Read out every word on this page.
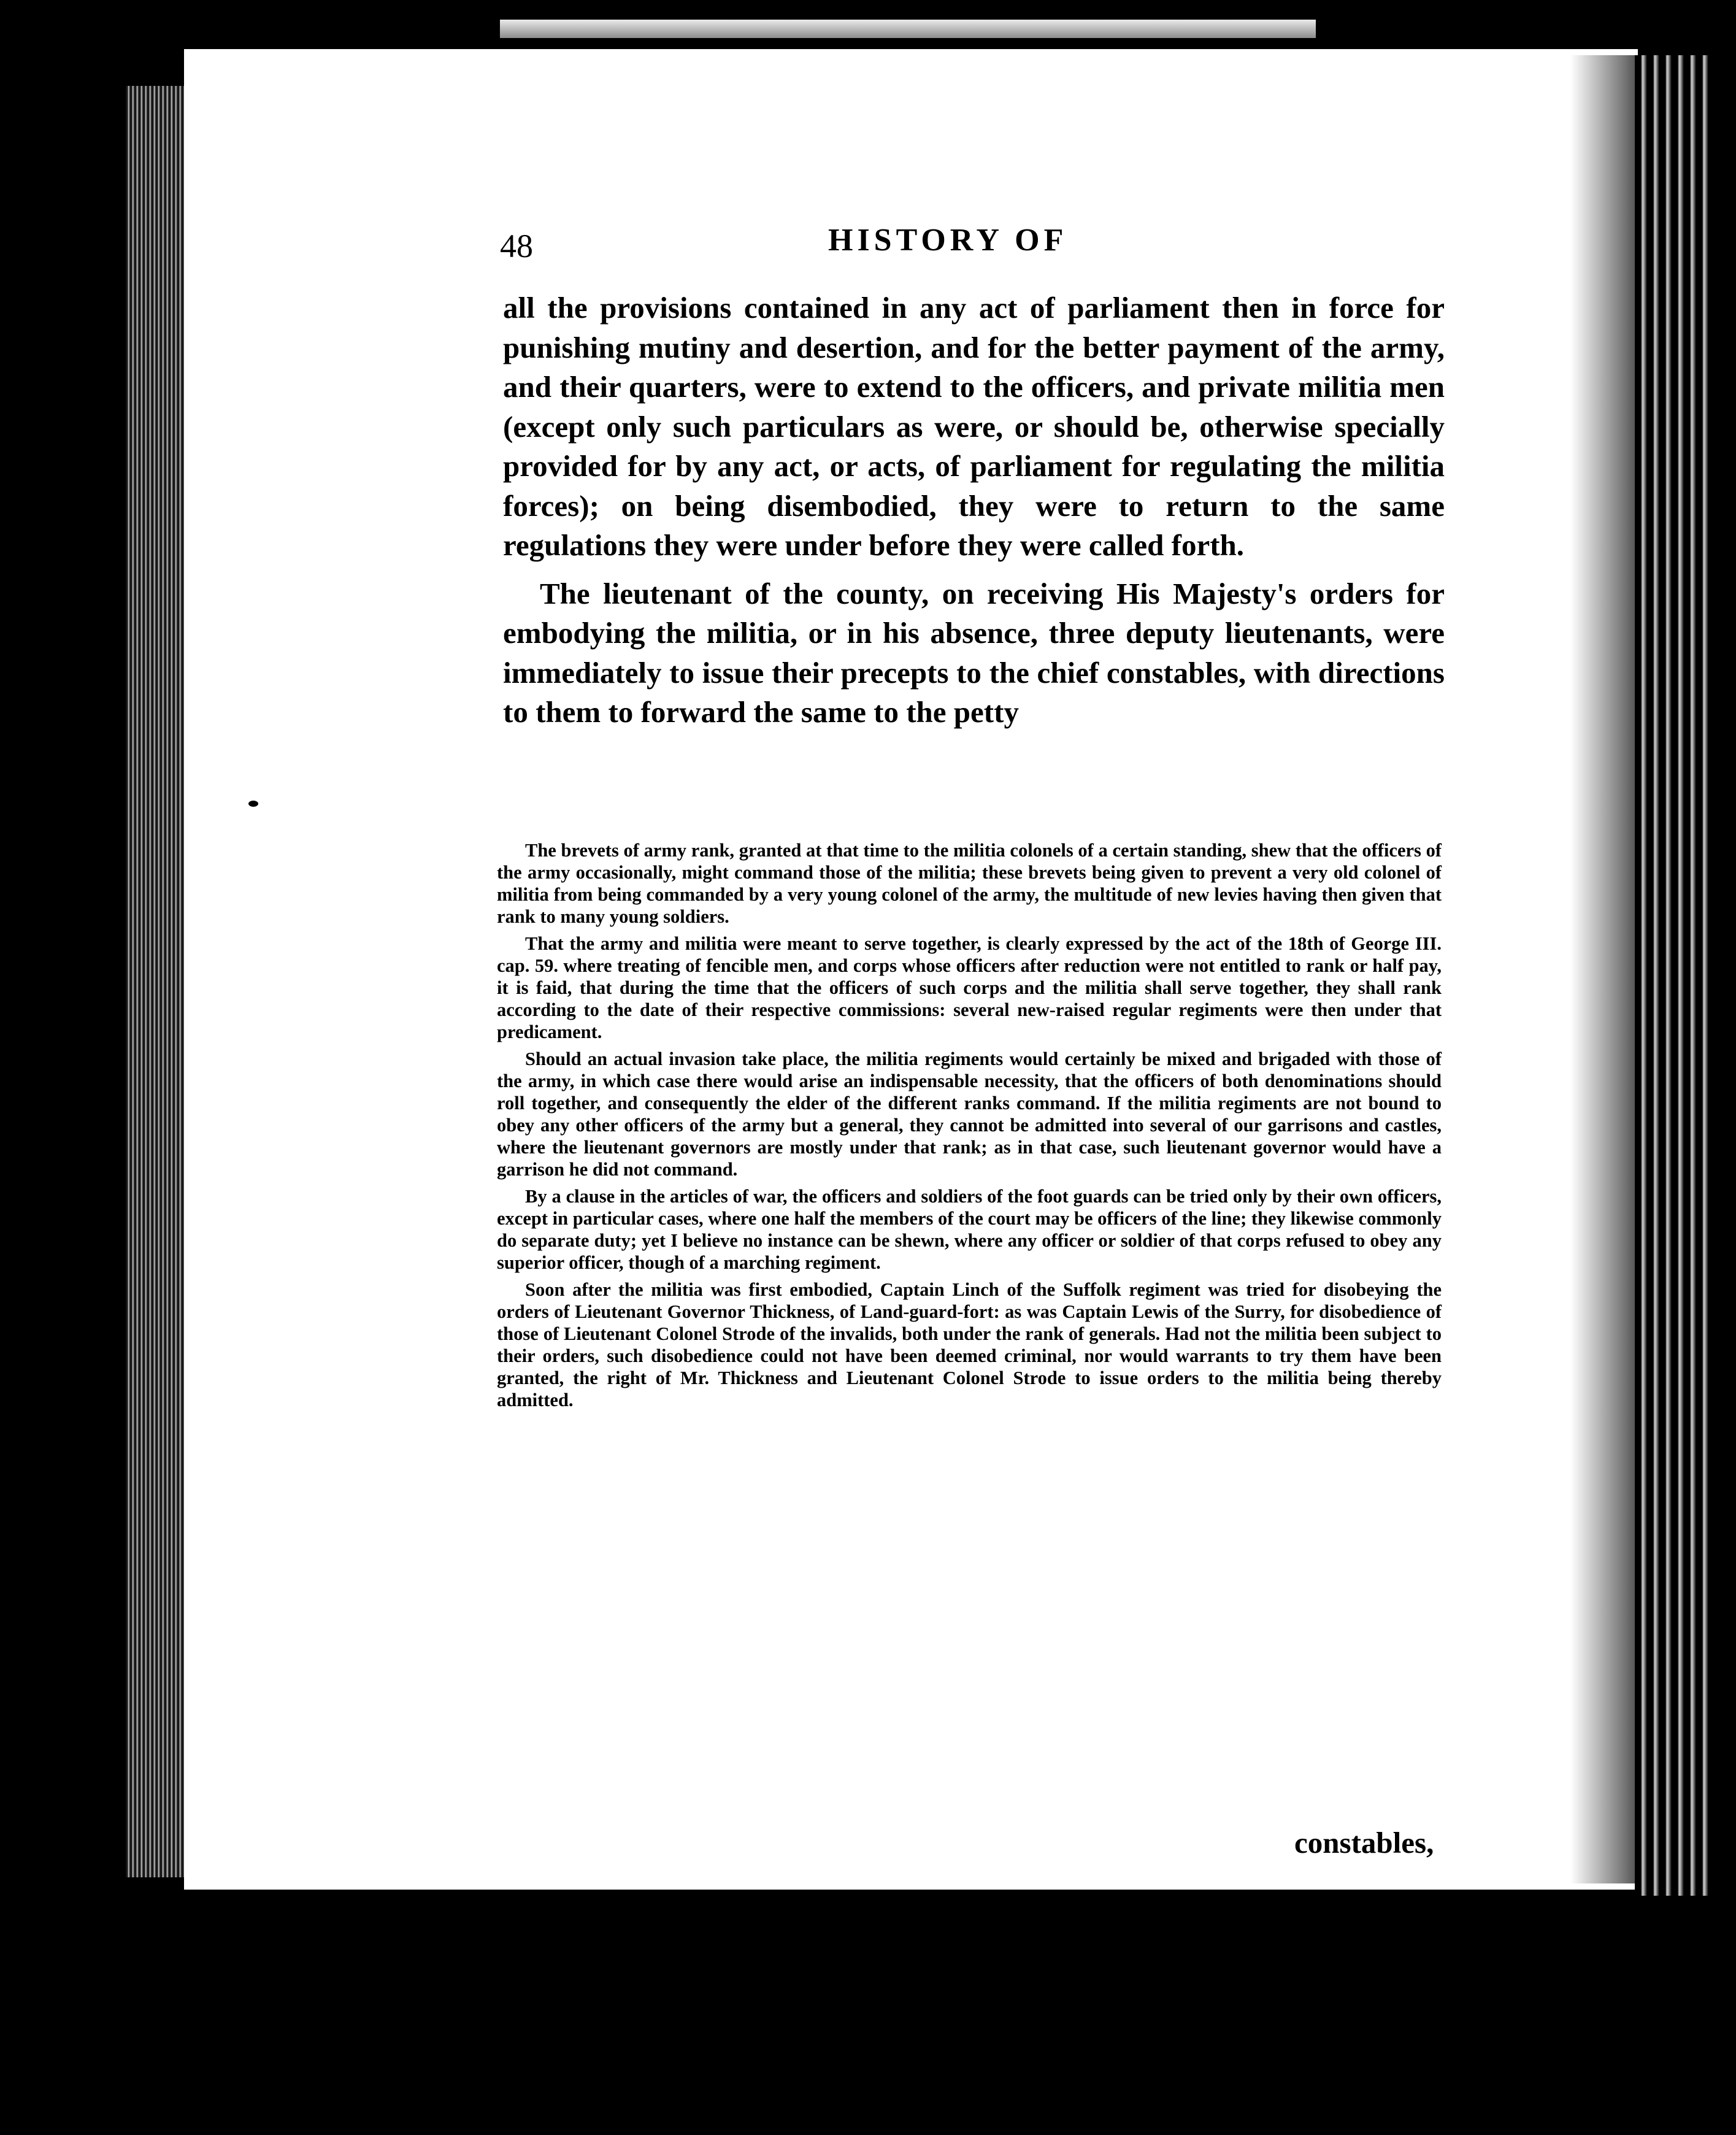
48	HISTORY OF

all the provisions contained in any act of parliament then in force for punishing mutiny and desertion, and for the better payment of the army, and their quarters, were to extend to the officers, and private militia men (except only such particulars as were, or should be, otherwise specially provided for by any act, or acts, of parliament for regulating the militia forces); on being disembodied, they were to return to the same regulations they were under before they were called forth.

The lieutenant of the county, on receiving His Majesty's orders for embodying the militia, or in his absence, three deputy lieutenants, were immediately to issue their precepts to the chief constables, with directions to them to forward the same to the petty

The brevets of army rank, granted at that time to the militia colonels of a certain standing, shew that the officers of the army occasionally, might command those of the militia; these brevets being given to prevent a very old colonel of militia from being commanded by a very young colonel of the army, the multitude of new levies having then given that rank to many young soldiers.

That the army and militia were meant to serve together, is clearly expressed by the act of the 18th of George III. cap. 59. where treating of fencible men, and corps whose officers after reduction were not entitled to rank or half pay, it is faid, that during the time that the officers of such corps and the militia shall serve together, they shall rank according to the date of their respective commissions: several new-raised regular regiments were then under that predicament.

Should an actual invasion take place, the militia regiments would certainly be mixed and brigaded with those of the army, in which case there would arise an indispensable necessity, that the officers of both denominations should roll together, and consequently the elder of the different ranks command. If the militia regiments are not bound to obey any other officers of the army but a general, they cannot be admitted into several of our garrisons and castles, where the lieutenant governors are mostly under that rank; as in that case, such lieutenant governor would have a garrison he did not command.

By a clause in the articles of war, the officers and soldiers of the foot guards can be tried only by their own officers, except in particular cases, where one half the members of the court may be officers of the line; they likewise commonly do separate duty; yet I believe no instance can be shewn, where any officer or soldier of that corps refused to obey any superior officer, though of a marching regiment.

Soon after the militia was first embodied, Captain Linch of the Suffolk regiment was tried for disobeying the orders of Lieutenant Governor Thickness, of Land-guard-fort: as was Captain Lewis of the Surry, for disobedience of those of Lieutenant Colonel Strode of the invalids, both under the rank of generals. Had not the militia been subject to their orders, such disobedience could not have been deemed criminal, nor would warrants to try them have been granted, the right of Mr. Thickness and Lieutenant Colonel Strode to issue orders to the militia being thereby admitted.

constables,
